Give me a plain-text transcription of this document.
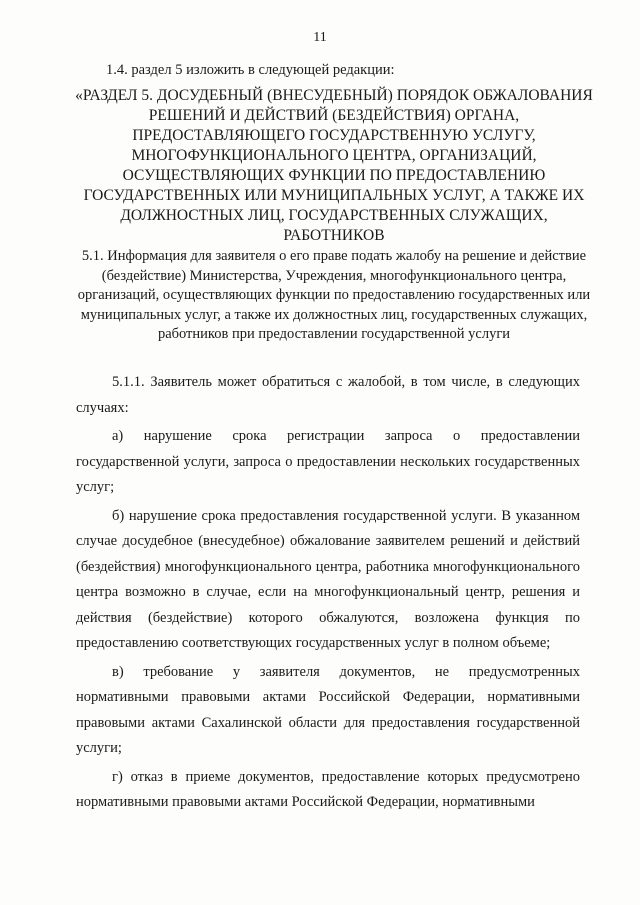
11
1.4. раздел 5 изложить в следующей редакции:
«РАЗДЕЛ 5. ДОСУДЕБНЫЙ (ВНЕСУДЕБНЫЙ) ПОРЯДОК ОБЖАЛОВАНИЯ РЕШЕНИЙ И ДЕЙСТВИЙ (БЕЗДЕЙСТВИЯ) ОРГАНА, ПРЕДОСТАВЛЯЮЩЕГО ГОСУДАРСТВЕННУЮ УСЛУГУ, МНОГОФУНКЦИОНАЛЬНОГО ЦЕНТРА, ОРГАНИЗАЦИЙ, ОСУЩЕСТВЛЯЮЩИХ ФУНКЦИИ ПО ПРЕДОСТАВЛЕНИЮ ГОСУДАРСТВЕННЫХ ИЛИ МУНИЦИПАЛЬНЫХ УСЛУГ, А ТАКЖЕ ИХ ДОЛЖНОСТНЫХ ЛИЦ, ГОСУДАРСТВЕННЫХ СЛУЖАЩИХ, РАБОТНИКОВ
5.1. Информация для заявителя о его праве подать жалобу на решение и действие (бездействие) Министерства, Учреждения, многофункционального центра, организаций, осуществляющих функции по предоставлению государственных или муниципальных услуг, а также их должностных лиц, государственных служащих, работников при предоставлении государственной услуги

5.1.1. Заявитель может обратиться с жалобой, в том числе, в следующих случаях:

а) нарушение срока регистрации запроса о предоставлении государственной услуги, запроса о предоставлении нескольких государственных услуг;

б) нарушение срока предоставления государственной услуги. В указанном случае досудебное (внесудебное) обжалование заявителем решений и действий (бездействия) многофункционального центра, работника многофункционального центра возможно в случае, если на многофункциональный центр, решения и действия (бездействие) которого обжалуются, возложена функция по предоставлению соответствующих государственных услуг в полном объеме;

в) требование у заявителя документов, не предусмотренных нормативными правовыми актами Российской Федерации, нормативными правовыми актами Сахалинской области для предоставления государственной услуги;

г) отказ в приеме документов, предоставление которых предусмотрено нормативными правовыми актами Российской Федерации, нормативными
